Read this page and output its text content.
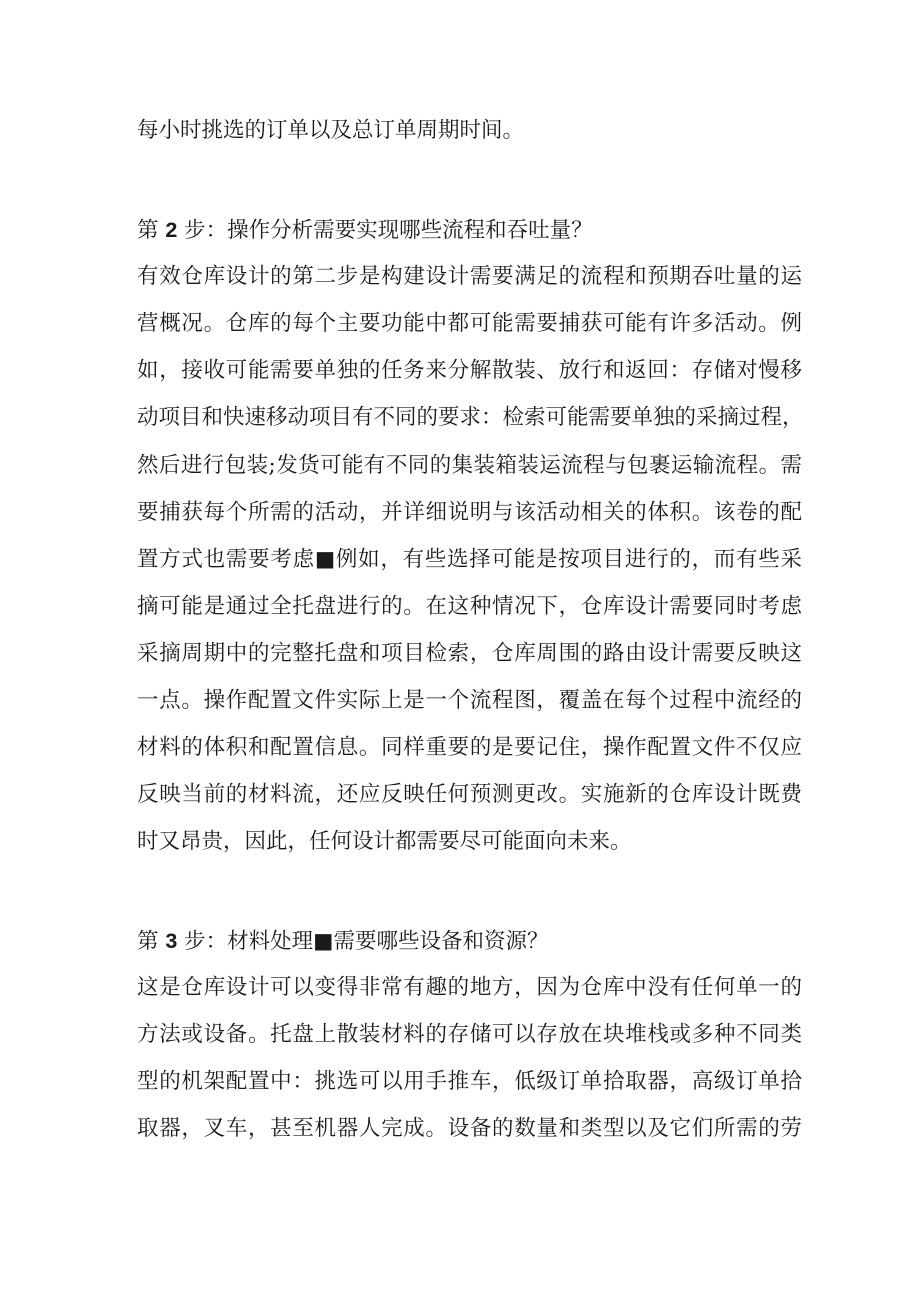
每小时挑选的订单以及总订单周期时间。
第 2 步：操作分析需要实现哪些流程和吞吐量？
有效仓库设计的第二步是构建设计需要满足的流程和预期吞吐量的运
营概况。仓库的每个主要功能中都可能需要捕获可能有许多活动。例
如，接收可能需要单独的任务来分解散装、放行和返回：存储对慢移
动项目和快速移动项目有不同的要求：检索可能需要单独的采摘过程，
然后进行包装;发货可能有不同的集装箱装运流程与包裹运输流程。需
要捕获每个所需的活动，并详细说明与该活动相关的体积。该卷的配
置方式也需要考虑■例如，有些选择可能是按项目进行的，而有些采
摘可能是通过全托盘进行的。在这种情况下，仓库设计需要同时考虑
采摘周期中的完整托盘和项目检索，仓库周围的路由设计需要反映这
一点。操作配置文件实际上是一个流程图，覆盖在每个过程中流经的
材料的体积和配置信息。同样重要的是要记住，操作配置文件不仅应
反映当前的材料流，还应反映任何预测更改。实施新的仓库设计既费
时又昂贵，因此，任何设计都需要尽可能面向未来。
第 3 步：材料处理■需要哪些设备和资源？
这是仓库设计可以变得非常有趣的地方，因为仓库中没有任何单一的
方法或设备。托盘上散装材料的存储可以存放在块堆栈或多种不同类
型的机架配置中：挑选可以用手推车，低级订单拾取器，高级订单拾
取器，叉车，甚至机器人完成。设备的数量和类型以及它们所需的劳
